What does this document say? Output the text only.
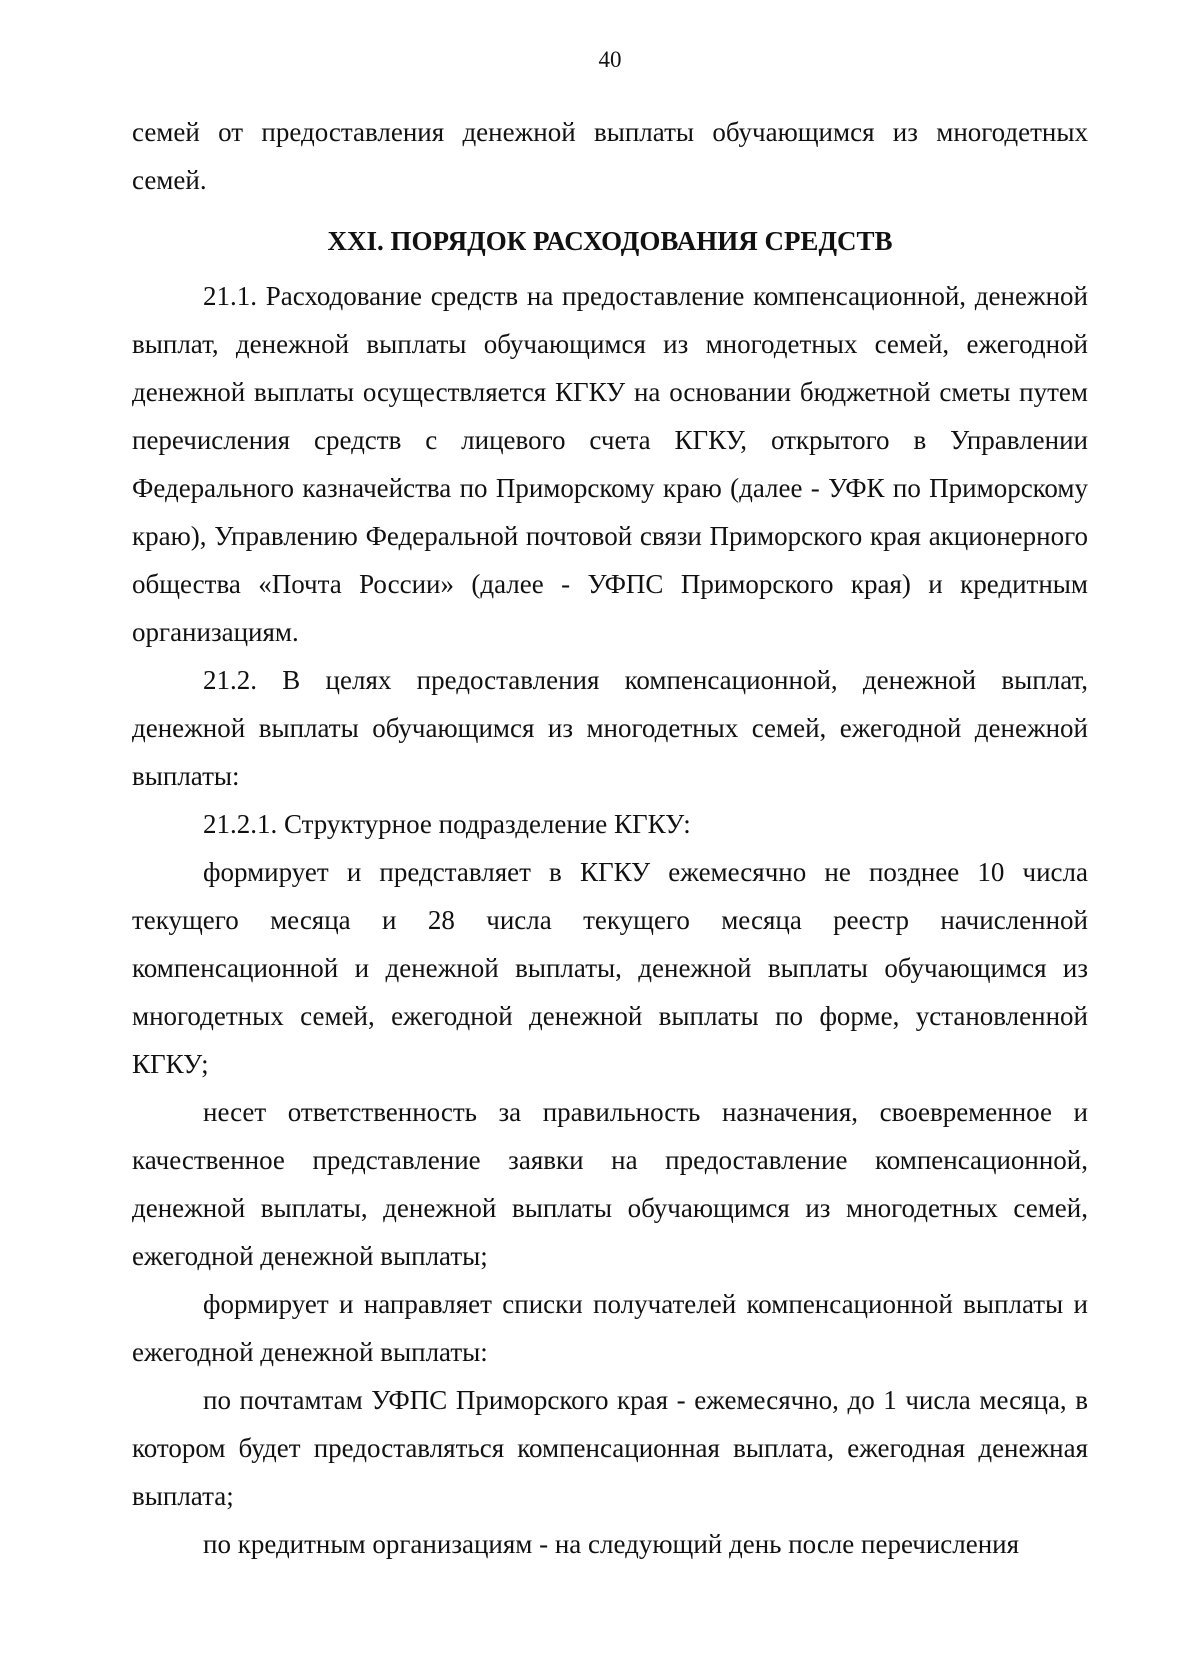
40

семей от предоставления денежной выплаты обучающимся из многодетных семей.

XXI. ПОРЯДОК РАСХОДОВАНИЯ СРЕДСТВ

21.1. Расходование средств на предоставление компенсационной, денежной выплат, денежной выплаты обучающимся из многодетных семей, ежегодной денежной выплаты осуществляется КГКУ на основании бюджетной сметы путем перечисления средств с лицевого счета КГКУ, открытого в Управлении Федерального казначейства по Приморскому краю (далее - УФК по Приморскому краю), Управлению Федеральной почтовой связи Приморского края акционерного общества «Почта России» (далее - УФПС Приморского края) и кредитным организациям.

21.2. В целях предоставления компенсационной, денежной выплат, денежной выплаты обучающимся из многодетных семей, ежегодной денежной выплаты:

21.2.1. Структурное подразделение КГКУ:

формирует и представляет в КГКУ ежемесячно не позднее 10 числа текущего месяца и 28 числа текущего месяца реестр начисленной компенсационной и денежной выплаты, денежной выплаты обучающимся из многодетных семей, ежегодной денежной выплаты по форме, установленной КГКУ;

несет ответственность за правильность назначения, своевременное и качественное представление заявки на предоставление компенсационной, денежной выплаты, денежной выплаты обучающимся из многодетных семей, ежегодной денежной выплаты;

формирует и направляет списки получателей компенсационной выплаты и ежегодной денежной выплаты:

по почтамтам УФПС Приморского края - ежемесячно, до 1 числа месяца, в котором будет предоставляться компенсационная выплата, ежегодная денежная выплата;

по кредитным организациям - на следующий день после перечисления
